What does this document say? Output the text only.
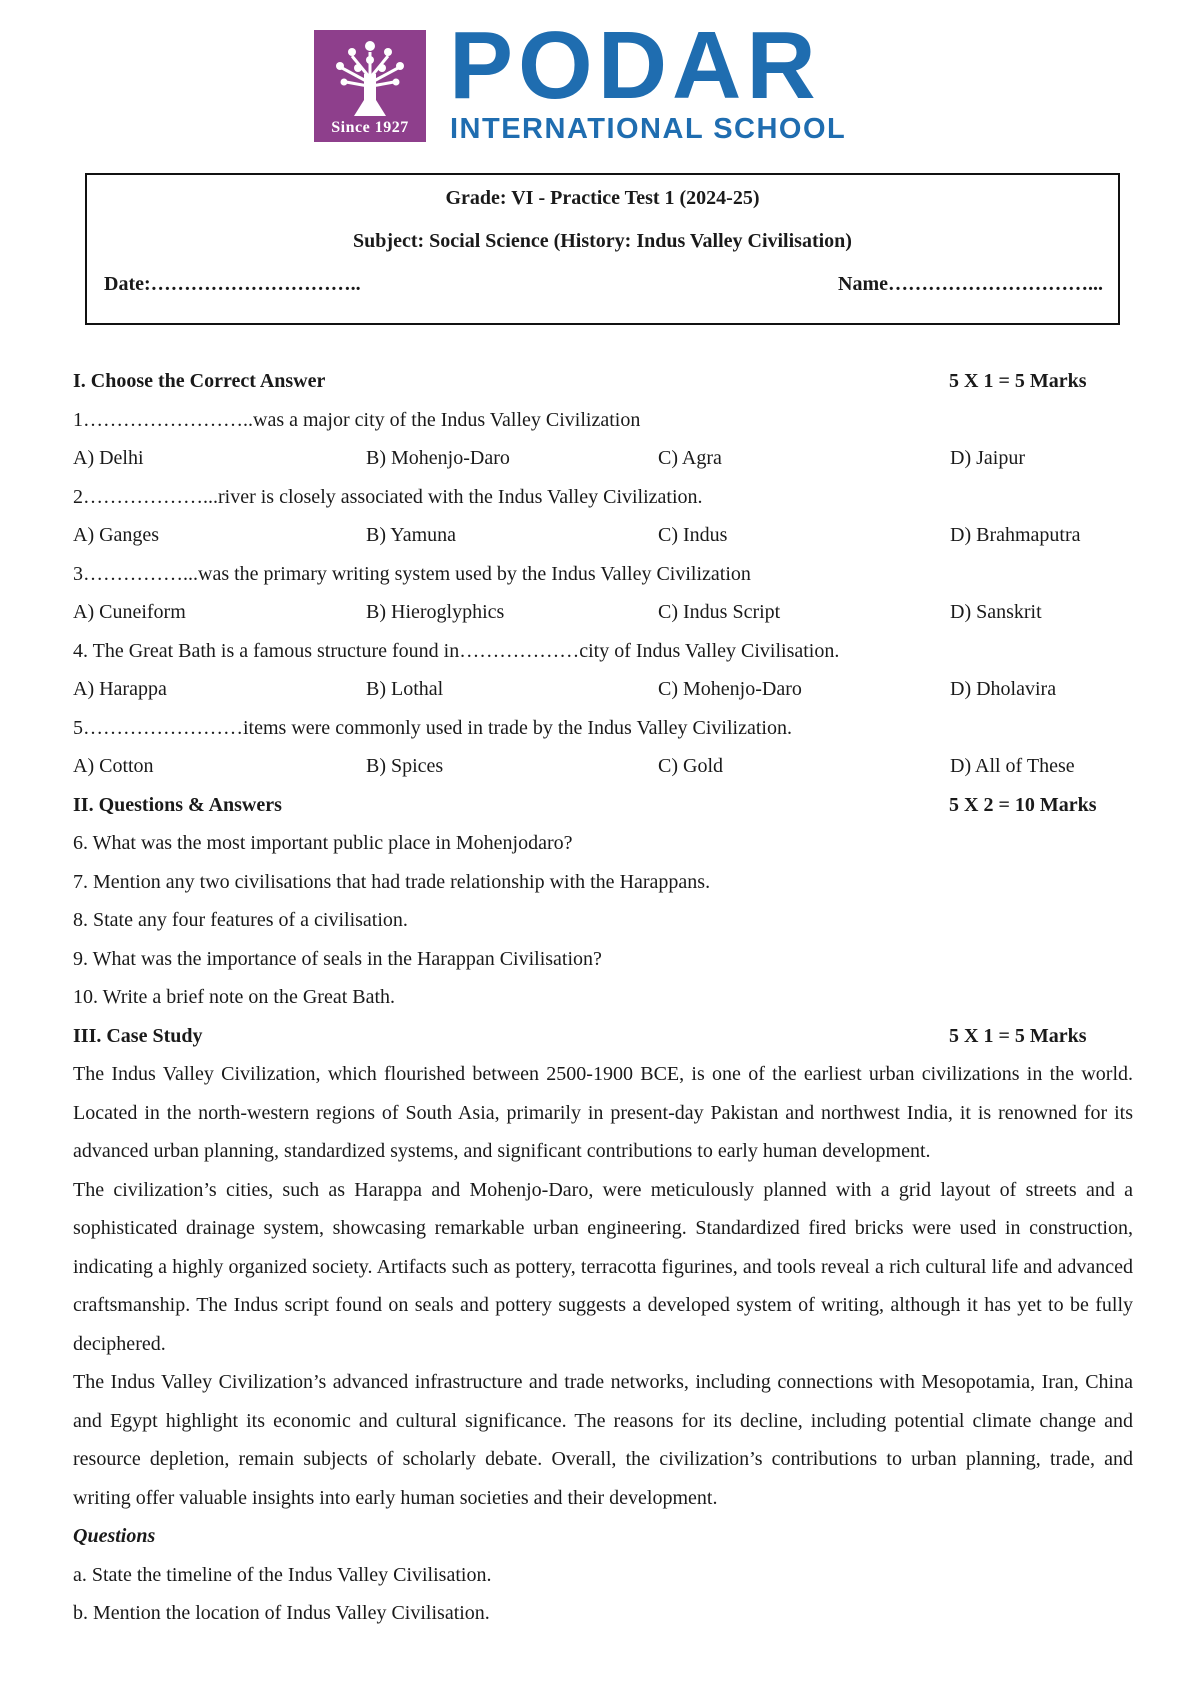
Since 1927
PODAR
INTERNATIONAL SCHOOL
Grade: VI - Practice Test 1 (2024-25)
Subject: Social Science (History: Indus Valley Civilisation)
Date:…………………………..	Name…………………………...
I. Choose the Correct Answer	5 X 1 = 5 Marks
1……………………..was a major city of the Indus Valley Civilization
A) Delhi	B) Mohenjo-Daro	C) Agra	D) Jaipur
2………………...river is closely associated with the Indus Valley Civilization.
A) Ganges	B) Yamuna	C) Indus	D) Brahmaputra
3……………...was the primary writing system used by the Indus Valley Civilization
A) Cuneiform	B) Hieroglyphics	C) Indus Script	D) Sanskrit
4. The Great Bath is a famous structure found in………………city of Indus Valley Civilisation.
A) Harappa	B) Lothal	C) Mohenjo-Daro	D) Dholavira
5……………………items were commonly used in trade by the Indus Valley Civilization.
A) Cotton	B) Spices	C) Gold	D) All of These
II. Questions & Answers	5 X 2 = 10 Marks
6. What was the most important public place in Mohenjodaro?
7. Mention any two civilisations that had trade relationship with the Harappans.
8. State any four features of a civilisation.
9. What was the importance of seals in the Harappan Civilisation?
10. Write a brief note on the Great Bath.
III. Case Study	5 X 1 = 5 Marks
The Indus Valley Civilization, which flourished between 2500-1900 BCE, is one of the earliest urban civilizations in the world. Located in the north-western regions of South Asia, primarily in present-day Pakistan and northwest India, it is renowned for its advanced urban planning, standardized systems, and significant contributions to early human development.
The civilization’s cities, such as Harappa and Mohenjo-Daro, were meticulously planned with a grid layout of streets and a sophisticated drainage system, showcasing remarkable urban engineering. Standardized fired bricks were used in construction, indicating a highly organized society. Artifacts such as pottery, terracotta figurines, and tools reveal a rich cultural life and advanced craftsmanship. The Indus script found on seals and pottery suggests a developed system of writing, although it has yet to be fully deciphered.
The Indus Valley Civilization’s advanced infrastructure and trade networks, including connections with Mesopotamia, Iran, China and Egypt highlight its economic and cultural significance. The reasons for its decline, including potential climate change and resource depletion, remain subjects of scholarly debate. Overall, the civilization’s contributions to urban planning, trade, and writing offer valuable insights into early human societies and their development.
Questions
a. State the timeline of the Indus Valley Civilisation.
b. Mention the location of Indus Valley Civilisation.
